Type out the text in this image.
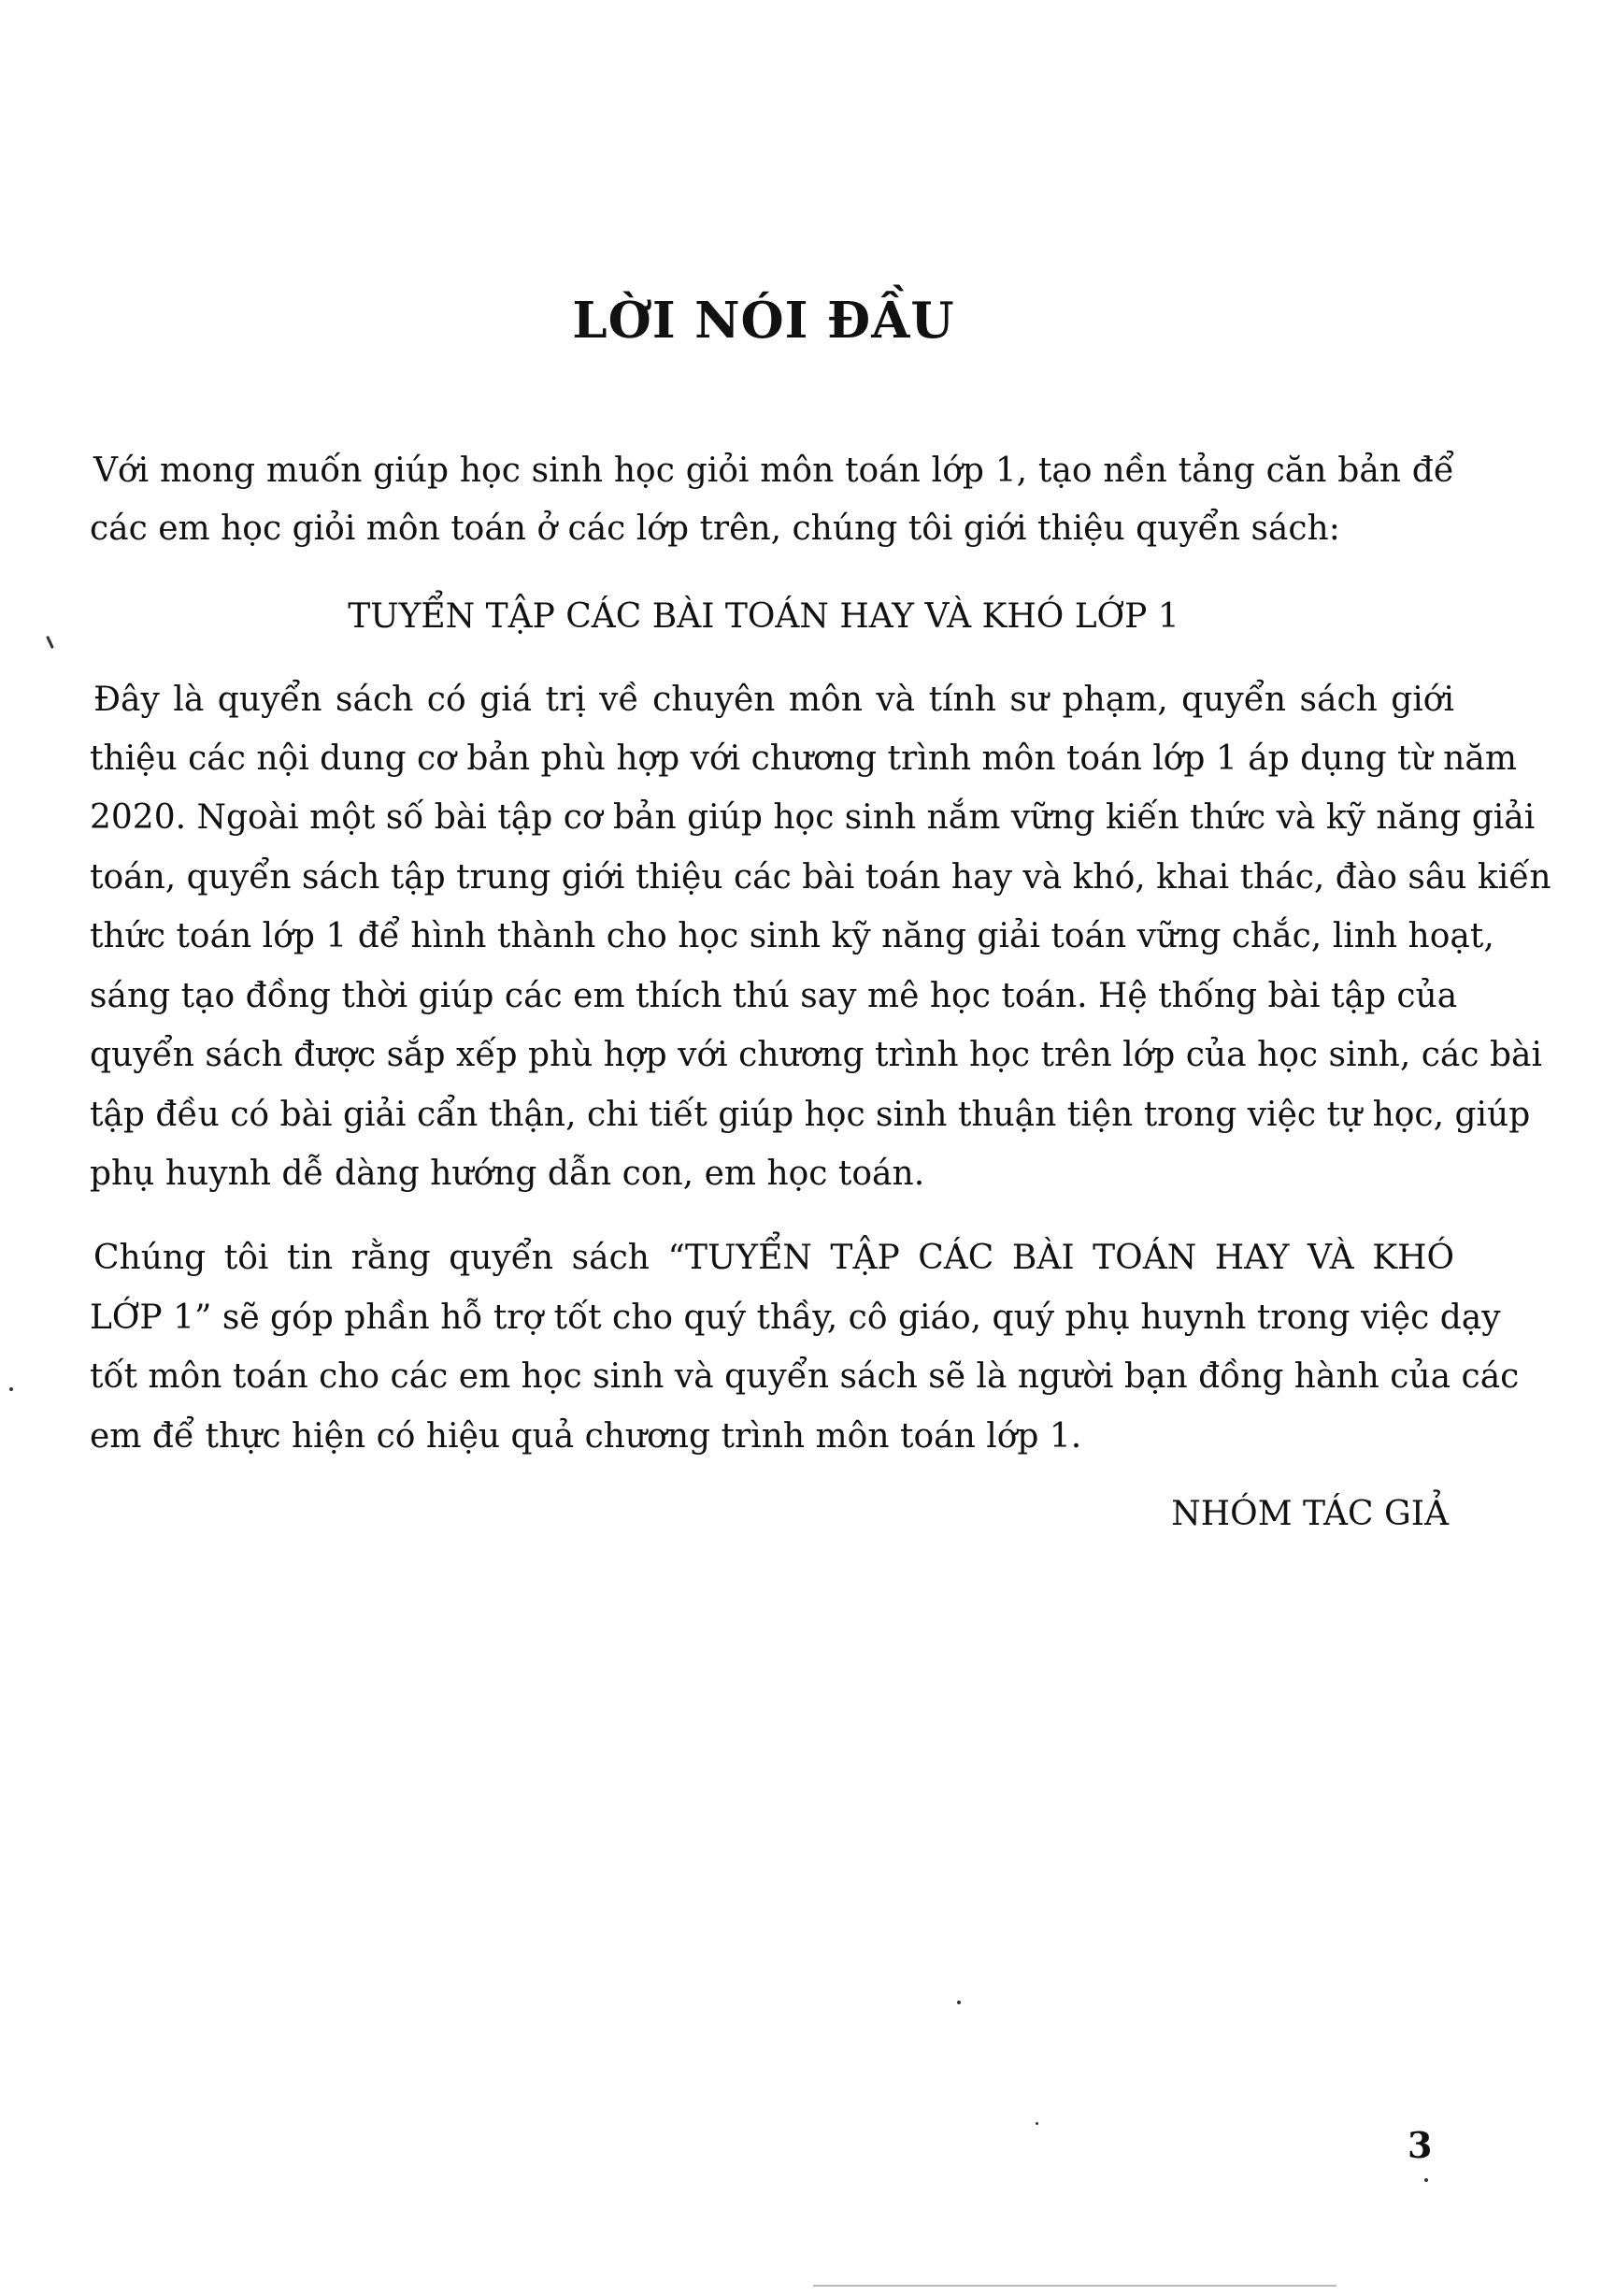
LỜI NÓI ĐẦU
Với mong muốn giúp học sinh học giỏi môn toán lớp 1, tạo nền tảng căn bản để
các em học giỏi môn toán ở các lớp trên, chúng tôi giới thiệu quyển sách:
TUYỂN TẬP CÁC BÀI TOÁN HAY VÀ KHÓ LỚP 1
Đây là quyển sách có giá trị về chuyên môn và tính sư phạm, quyển sách giới
thiệu các nội dung cơ bản phù hợp với chương trình môn toán lớp 1 áp dụng từ năm
2020. Ngoài một số bài tập cơ bản giúp học sinh nắm vững kiến thức và kỹ năng giải
toán, quyển sách tập trung giới thiệu các bài toán hay và khó, khai thác, đào sâu kiến
thức toán lớp 1 để hình thành cho học sinh kỹ năng giải toán vững chắc, linh hoạt,
sáng tạo đồng thời giúp các em thích thú say mê học toán. Hệ thống bài tập của
quyển sách được sắp xếp phù hợp với chương trình học trên lớp của học sinh, các bài
tập đều có bài giải cẩn thận, chi tiết giúp học sinh thuận tiện trong việc tự học, giúp
phụ huynh dễ dàng hướng dẫn con, em học toán.
Chúng tôi tin rằng quyển sách “TUYỂN TẬP CÁC BÀI TOÁN HAY VÀ KHÓ
LỚP 1” sẽ góp phần hỗ trợ tốt cho quý thầy, cô giáo, quý phụ huynh trong việc dạy
tốt môn toán cho các em học sinh và quyển sách sẽ là người bạn đồng hành của các
em để thực hiện có hiệu quả chương trình môn toán lớp 1.
NHÓM TÁC GIẢ
3
